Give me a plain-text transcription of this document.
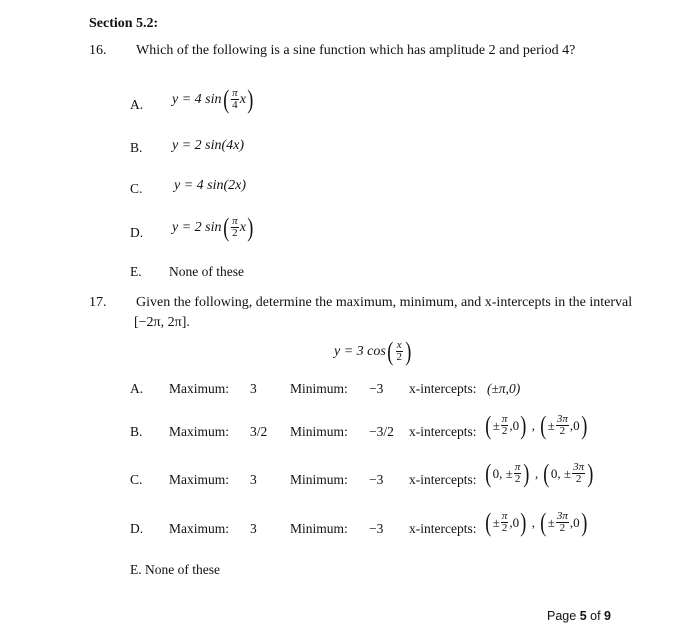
Section 5.2:
16. Which of the following is a sine function which has amplitude 2 and period 4?
A. y = 4 sin ( $\frac{\pi}{4}$ x )
B. y = 2 sin(4x)
C. y = 4 sin(2x)
D. y = 2 sin ( $\frac{\pi}{2}$ x )
E. None of these
17. Given the following, determine the maximum, minimum, and x-intercepts in the interval
[−2π, 2π].
y = 3 cos ( $\frac{x}{2}$ )
A. Maximum: 3 Minimum: −3 x-intercepts: (±π,0)
B. Maximum: 3/2 Minimum: −3/2 x-intercepts: ( ± $\frac{\pi}{2} ,0$ ) , ( ± $\frac{3\pi}{2} ,0$ )
C. Maximum: 3 Minimum: −3 x-intercepts: ( 0, ± $\frac{\pi}{2}$ ) , ( 0, ± $\frac{3\pi}{2}$ )
D. Maximum: 3 Minimum: −3 x-intercepts: ( ± $\frac{\pi}{2} ,0$ ) , ( ± $\frac{3\pi}{2} ,0$ )
E. None of these
Page 5 of 9
